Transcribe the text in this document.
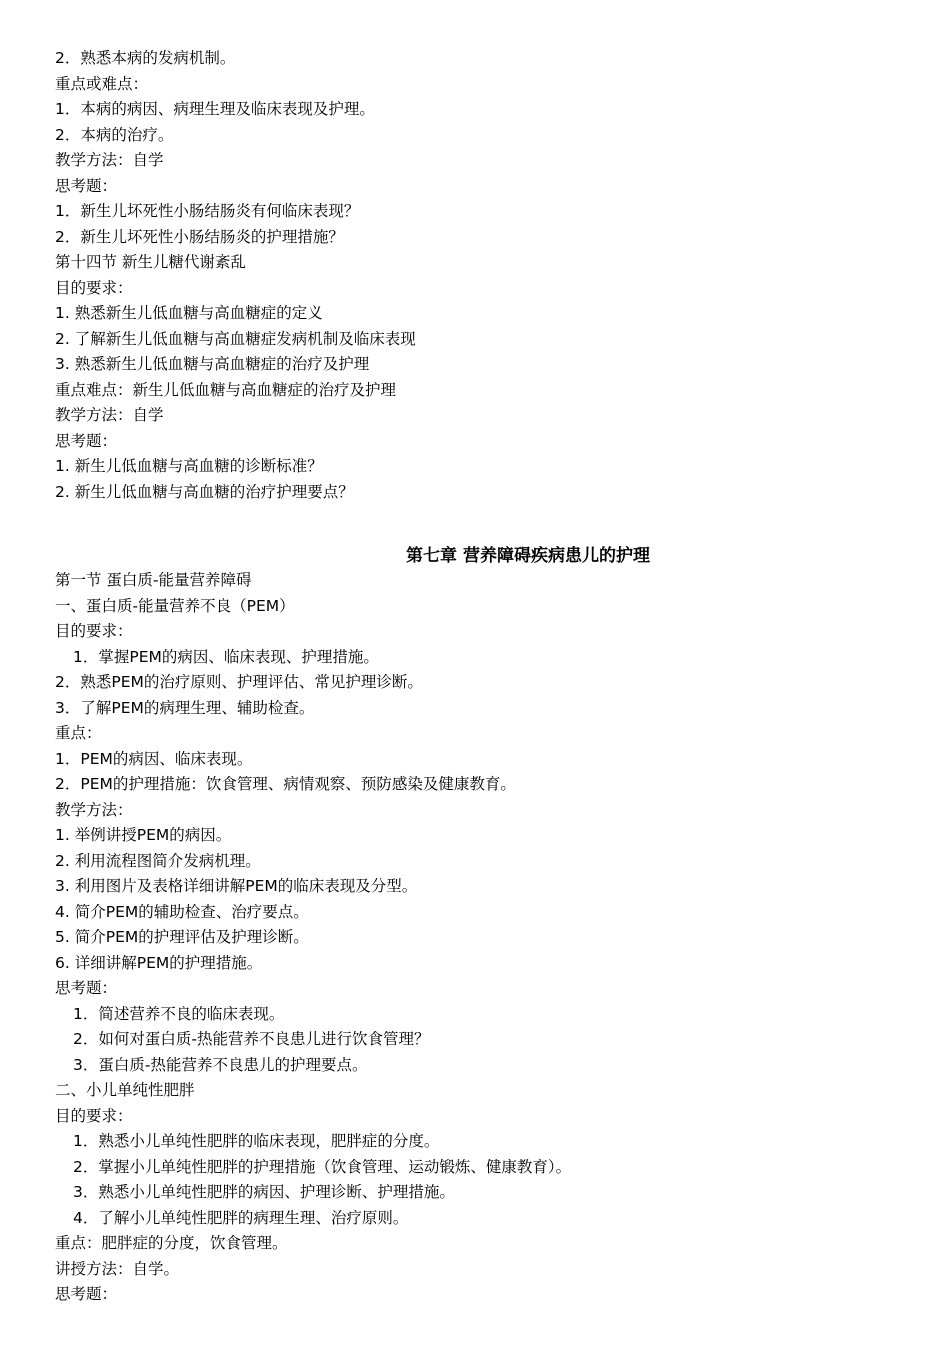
2．熟悉本病的发病机制。
重点或难点：
1．本病的病因、病理生理及临床表现及护理。
2．本病的治疗。
教学方法：自学
思考题：
1．新生儿坏死性小肠结肠炎有何临床表现？
2．新生儿坏死性小肠结肠炎的护理措施？
第十四节 新生儿糖代谢紊乱
目的要求：
1. 熟悉新生儿低血糖与高血糖症的定义
2. 了解新生儿低血糖与高血糖症发病机制及临床表现
3. 熟悉新生儿低血糖与高血糖症的治疗及护理
重点难点：新生儿低血糖与高血糖症的治疗及护理
教学方法：自学
思考题：
1. 新生儿低血糖与高血糖的诊断标准？
2. 新生儿低血糖与高血糖的治疗护理要点？
第七章 营养障碍疾病患儿的护理
第一节 蛋白质-能量营养障碍
一、蛋白质-能量营养不良（PEM）
目的要求：
1．掌握PEM的病因、临床表现、护理措施。
2．熟悉PEM的治疗原则、护理评估、常见护理诊断。
3．了解PEM的病理生理、辅助检查。
重点：
1．PEM的病因、临床表现。
2．PEM的护理措施：饮食管理、病情观察、预防感染及健康教育。
教学方法：
1. 举例讲授PEM的病因。
2. 利用流程图简介发病机理。
3. 利用图片及表格详细讲解PEM的临床表现及分型。
4. 简介PEM的辅助检查、治疗要点。
5. 简介PEM的护理评估及护理诊断。
6. 详细讲解PEM的护理措施。
思考题：
1．简述营养不良的临床表现。
2．如何对蛋白质-热能营养不良患儿进行饮食管理？
3．蛋白质-热能营养不良患儿的护理要点。
二、小儿单纯性肥胖
目的要求：
1．熟悉小儿单纯性肥胖的临床表现，肥胖症的分度。
2．掌握小儿单纯性肥胖的护理措施（饮食管理、运动锻炼、健康教育）。
3．熟悉小儿单纯性肥胖的病因、护理诊断、护理措施。
4．了解小儿单纯性肥胖的病理生理、治疗原则。
重点：肥胖症的分度，饮食管理。
讲授方法：自学。
思考题：
